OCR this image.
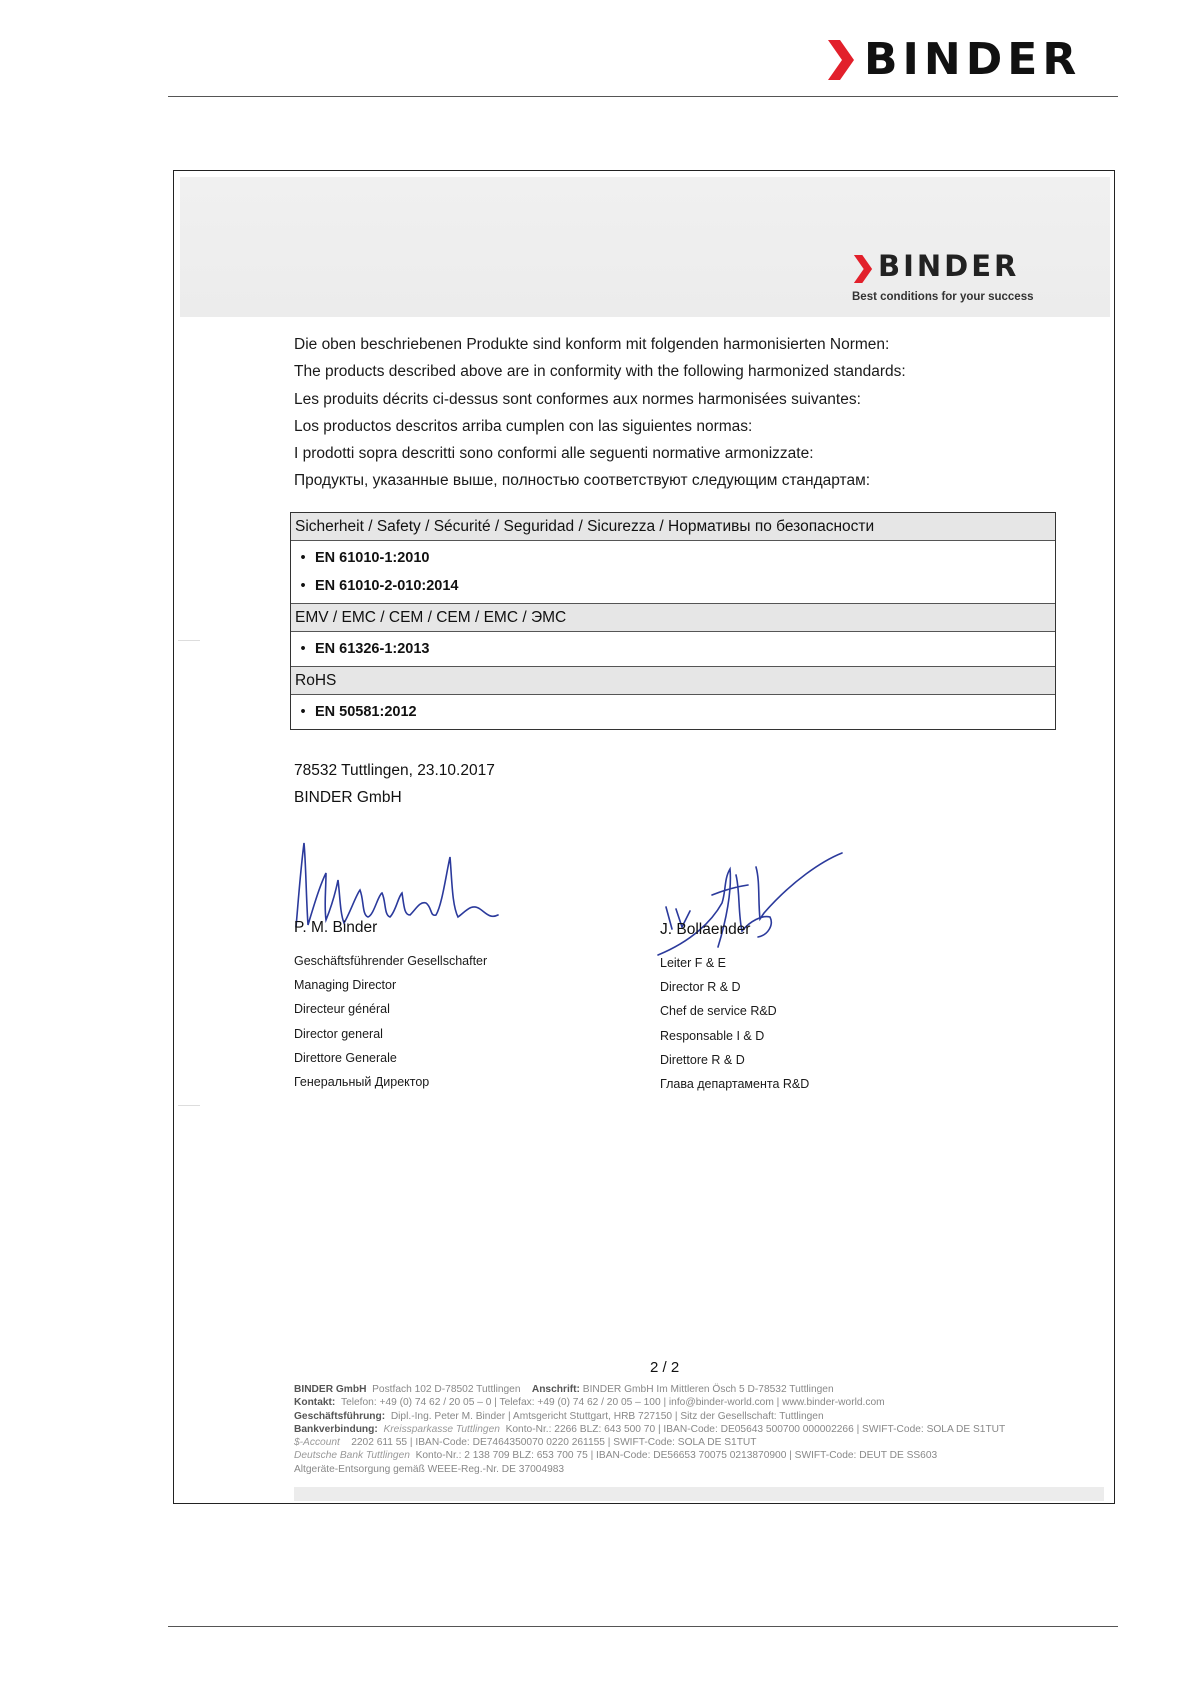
BINDER
BINDER
Best conditions for your success
Die oben beschriebenen Produkte sind konform mit folgenden harmonisierten Normen:
The products described above are in conformity with the following harmonized standards:
Les produits décrits ci-dessus sont conformes aux normes harmonisées suivantes:
Los productos descritos arriba cumplen con las siguientes normas:
I prodotti sopra descritti sono conformi alle seguenti normative armonizzate:
Продукты, указанные выше, полностью соответствуют следующим стандартам:
Sicherheit / Safety / Sécurité / Seguridad / Sicurezza / Нормативы по безопасности
• EN 61010-1:2010
• EN 61010-2-010:2014
EMV / EMC / CEM / CEM / EMC / ЭМС
• EN 61326-1:2013
RoHS
• EN 50581:2012
78532 Tuttlingen, 23.10.2017
BINDER GmbH
P. M. Binder
Geschäftsführender Gesellschafter
Managing Director
Directeur général
Director general
Direttore Generale
Генеральный Директор
J. Bollaender
Leiter F & E
Director R & D
Chef de service R&D
Responsable I & D
Direttore R & D
Глава департамента R&D
2 / 2
BINDER GmbH Postfach 102 D-78502 Tuttlingen Anschrift: BINDER GmbH Im Mittleren Ösch 5 D-78532 Tuttlingen
Kontakt: Telefon: +49 (0) 74 62 / 20 05 – 0 | Telefax: +49 (0) 74 62 / 20 05 – 100 | info@binder-world.com | www.binder-world.com
Geschäftsführung: Dipl.-Ing. Peter M. Binder | Amtsgericht Stuttgart, HRB 727150 | Sitz der Gesellschaft: Tuttlingen
Bankverbindung: Kreissparkasse Tuttlingen Konto-Nr.: 2266 BLZ: 643 500 70 | IBAN-Code: DE05643 500700 000002266 | SWIFT-Code: SOLA DE S1TUT
$-Account 2202 611 55 | IBAN-Code: DE7464350070 0220 261155 | SWIFT-Code: SOLA DE S1TUT
Deutsche Bank Tuttlingen Konto-Nr.: 2 138 709 BLZ: 653 700 75 | IBAN-Code: DE56653 70075 0213870900 | SWIFT-Code: DEUT DE SS603
Altgeräte-Entsorgung gemäß WEEE-Reg.-Nr. DE 37004983
